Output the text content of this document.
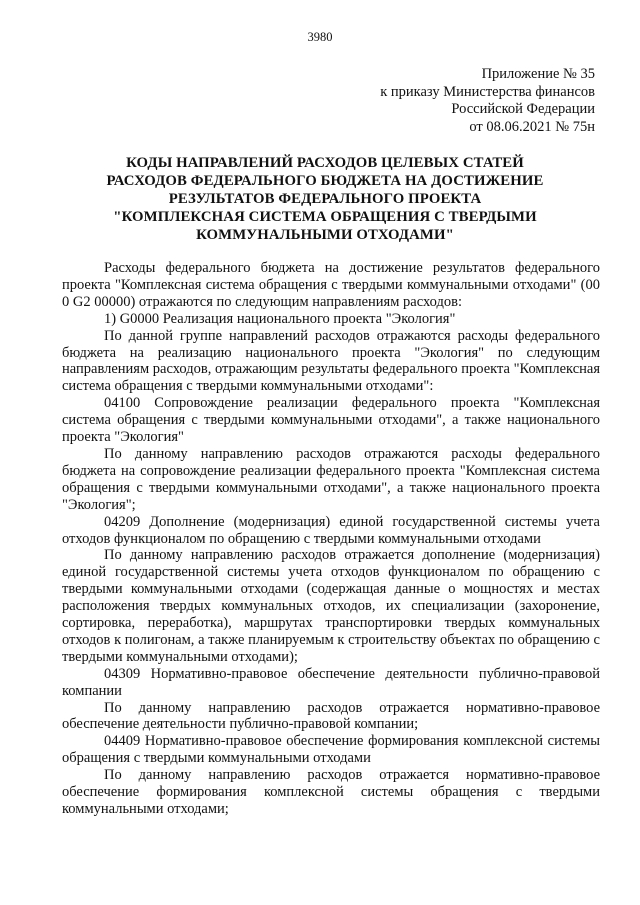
3980
Приложение № 35
к приказу Министерства финансов
Российской Федерации
от 08.06.2021 № 75н
КОДЫ НАПРАВЛЕНИЙ РАСХОДОВ ЦЕЛЕВЫХ СТАТЕЙ
РАСХОДОВ ФЕДЕРАЛЬНОГО БЮДЖЕТА НА ДОСТИЖЕНИЕ
РЕЗУЛЬТАТОВ ФЕДЕРАЛЬНОГО ПРОЕКТА
"КОМПЛЕКСНАЯ СИСТЕМА ОБРАЩЕНИЯ С ТВЕРДЫМИ
КОММУНАЛЬНЫМИ ОТХОДАМИ"

Расходы федерального бюджета на достижение результатов федерального проекта "Комплексная система обращения с твердыми коммунальными отходами" (00 0 G2 00000) отражаются по следующим направлениям расходов:

1) G0000 Реализация национального проекта "Экология"

По данной группе направлений расходов отражаются расходы федерального бюджета на реализацию национального проекта "Экология" по следующим направлениям расходов, отражающим результаты федерального проекта "Комплексная система обращения с твердыми коммунальными отходами":

04100 Сопровождение реализации федерального проекта "Комплексная система обращения с твердыми коммунальными отходами", а также национального проекта "Экология"

По данному направлению расходов отражаются расходы федерального бюджета на сопровождение реализации федерального проекта "Комплексная система обращения с твердыми коммунальными отходами", а также национального проекта "Экология";

04209 Дополнение (модернизация) единой государственной системы учета отходов функционалом по обращению с твердыми коммунальными отходами

По данному направлению расходов отражается дополнение (модернизация) единой государственной системы учета отходов функционалом по обращению с твердыми коммунальными отходами (содержащая данные о мощностях и местах расположения твердых коммунальных отходов, их специализации (захоронение, сортировка, переработка), маршрутах транспортировки твердых коммунальных отходов к полигонам, а также планируемым к строительству объектах по обращению с твердыми коммунальными отходами);

04309 Нормативно-правовое обеспечение деятельности публично-правовой компании

По данному направлению расходов отражается нормативно-правовое обеспечение деятельности публично-правовой компании;

04409 Нормативно-правовое обеспечение формирования комплексной системы обращения с твердыми коммунальными отходами

По данному направлению расходов отражается нормативно-правовое обеспечение формирования комплексной системы обращения с твердыми коммунальными отходами;
